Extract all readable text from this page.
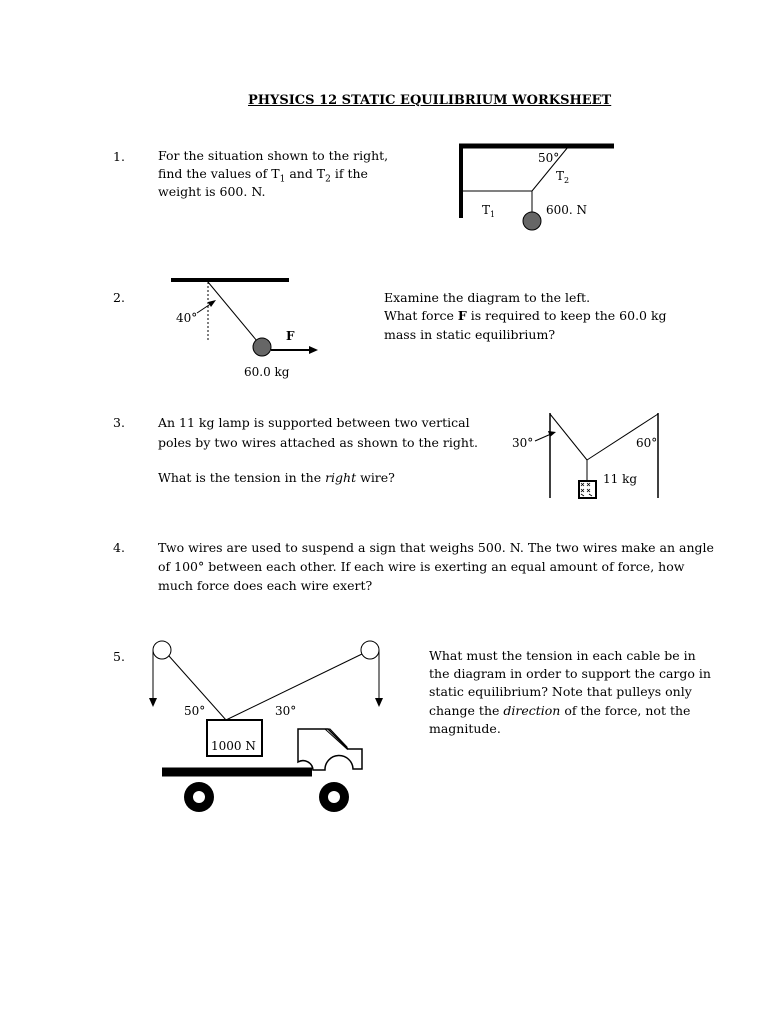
PHYSICS 12 STATIC EQUILIBRIUM WORKSHEET
1.	For the situation shown to the right,
find the values of $T_1$ and $T_2$ if the
weight is 600. N.
50°
$T_2$
$T_1$	600. N
2.	Examine the diagram to the left.
What force F is required to keep the 60.0 kg
mass in static equilibrium?
40°
F
60.0 kg
3.	An 11 kg lamp is supported between two vertical
poles by two wires attached as shown to the right.
What is the tension in the right wire?
30°	60°
11 kg
4.	Two wires are used to suspend a sign that weighs 500. N. The two wires make an angle
of 100° between each other. If each wire is exerting an equal amount of force, how
much force does each wire exert?
5.	What must the tension in each cable be in
the diagram in order to support the cargo in
static equilibrium? Note that pulleys only
change the direction of the force, not the
magnitude.
50°	30°
1000 N
